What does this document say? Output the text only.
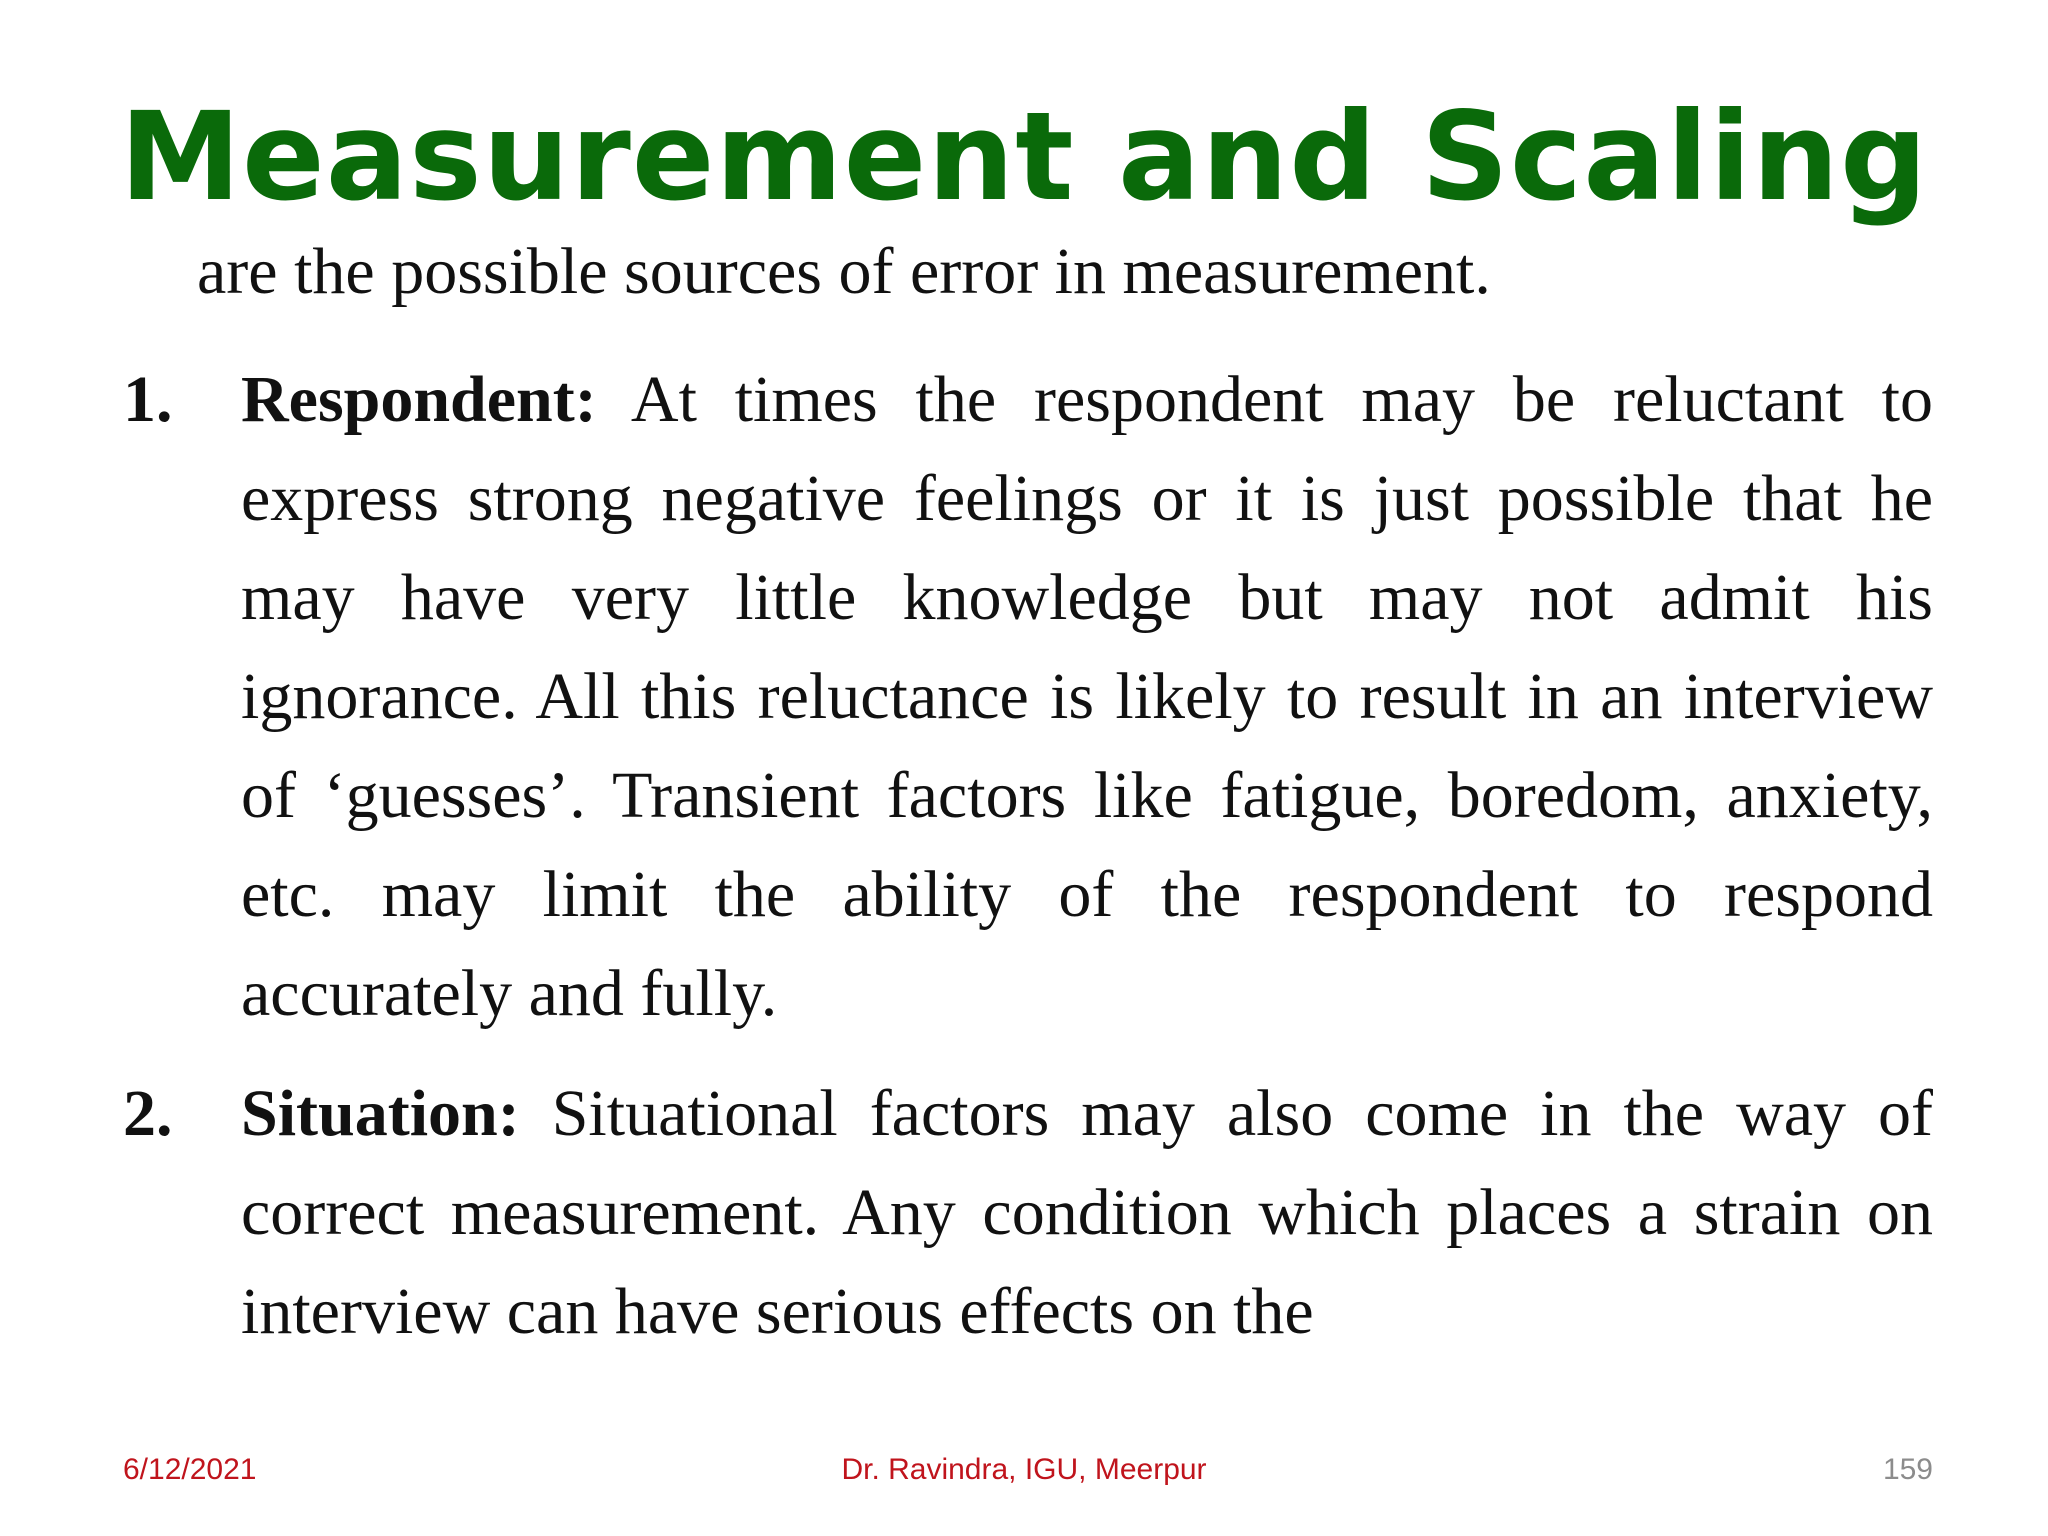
Measurement and Scaling
are the possible sources of error in measurement.
1. Respondent: At times the respondent may be reluctant to express strong negative feelings or it is just possible that he may have very little knowledge but may not admit his ignorance. All this reluctance is likely to result in an interview of ‘guesses’. Transient factors like fatigue, boredom, anxiety, etc. may limit the ability of the respondent to respond accurately and fully.
2. Situation: Situational factors may also come in the way of correct measurement. Any condition which places a strain on interview can have serious effects on the
6/12/2021	Dr. Ravindra, IGU, Meerpur	159
